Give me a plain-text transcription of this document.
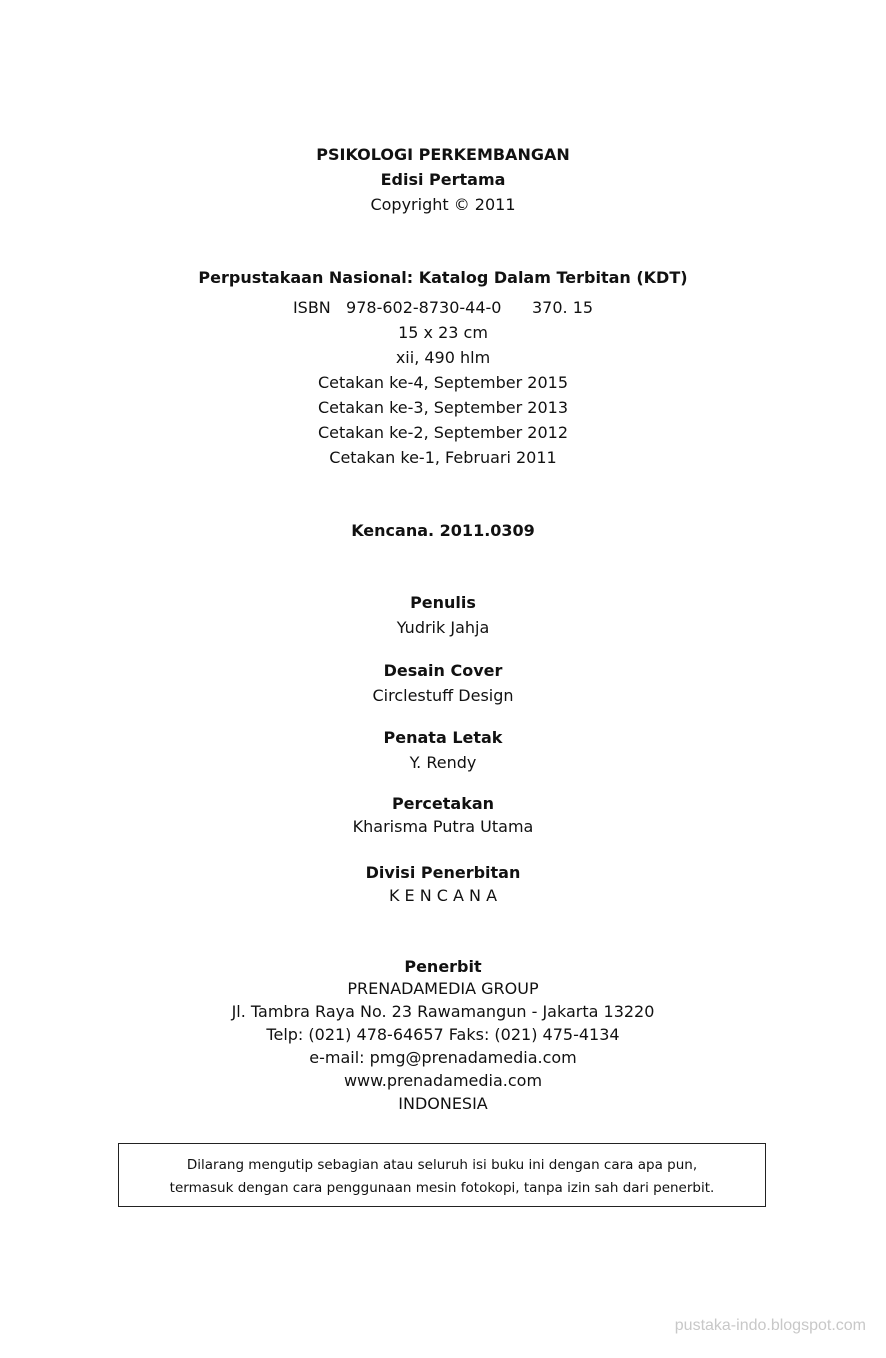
PSIKOLOGI PERKEMBANGAN
Edisi Pertama
Copyright © 2011
Perpustakaan Nasional: Katalog Dalam Terbitan (KDT)
ISBN 978-602-8730-44-0 370. 15
15 x 23 cm
xii, 490 hlm
Cetakan ke-4, September 2015
Cetakan ke-3, September 2013
Cetakan ke-2, September 2012
Cetakan ke-1, Februari 2011
Kencana. 2011.0309
Penulis
Yudrik Jahja
Desain Cover
Circlestuff Design
Penata Letak
Y. Rendy
Percetakan
Kharisma Putra Utama
Divisi Penerbitan
K E N C A N A
Penerbit
PRENADAMEDIA GROUP
Jl. Tambra Raya No. 23 Rawamangun - Jakarta 13220
Telp: (021) 478-64657 Faks: (021) 475-4134
e-mail: pmg@prenadamedia.com
www.prenadamedia.com
INDONESIA
Dilarang mengutip sebagian atau seluruh isi buku ini dengan cara apa pun,
termasuk dengan cara penggunaan mesin fotokopi, tanpa izin sah dari penerbit.
pustaka-indo.blogspot.com
